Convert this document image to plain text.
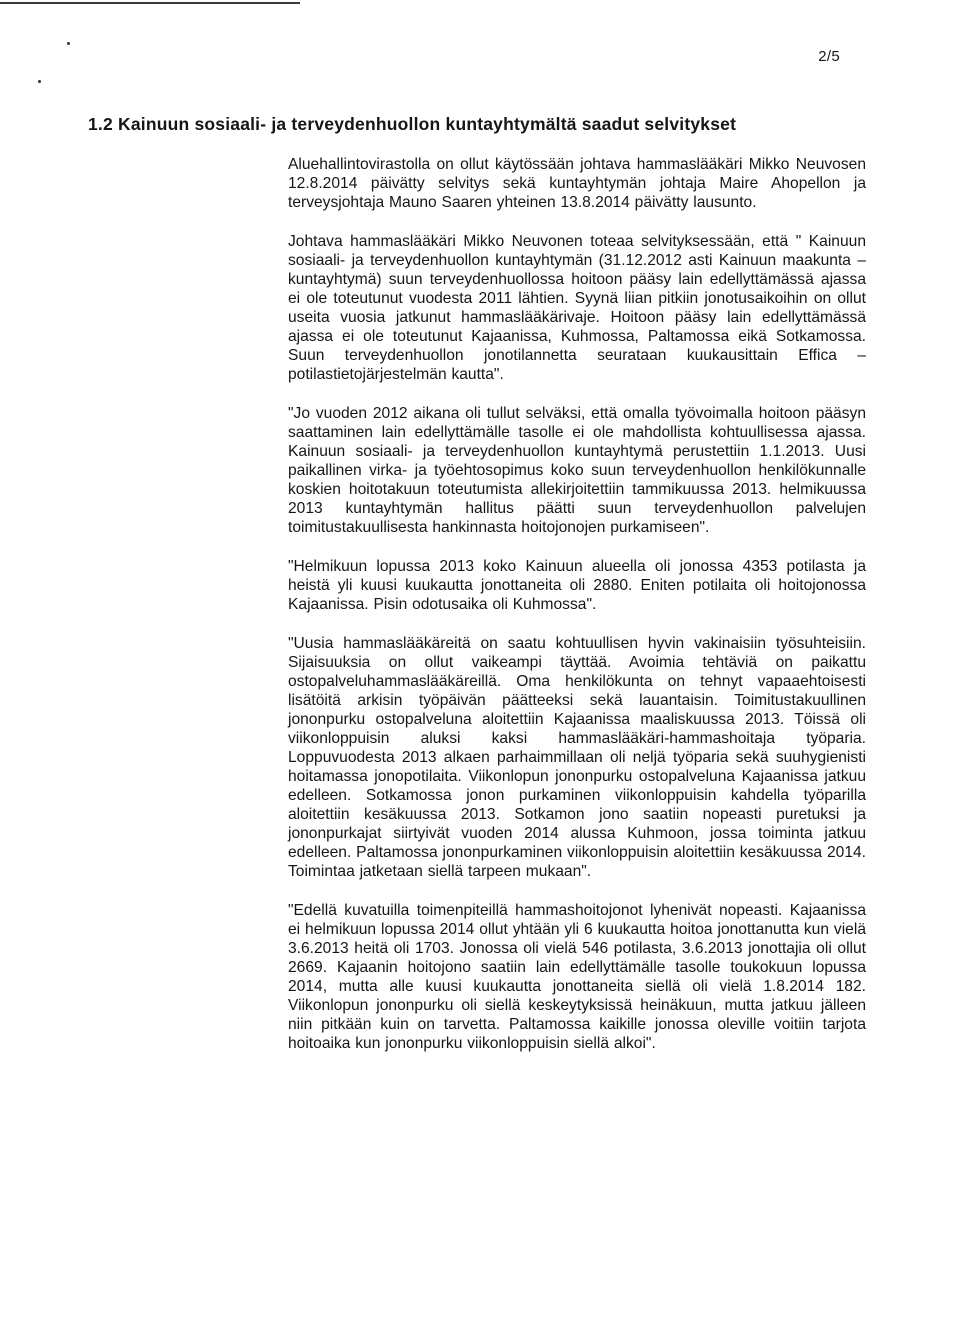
2/5
1.2 Kainuun sosiaali- ja terveydenhuollon kuntayhtymältä saadut selvitykset

Aluehallintovirastolla on ollut käytössään johtava hammaslääkäri Mikko Neuvosen 12.8.2014 päivätty selvitys sekä kuntayhtymän johtaja Maire Ahopellon ja terveysjohtaja Mauno Saaren yhteinen 13.8.2014 päivätty lausunto.

Johtava hammaslääkäri Mikko Neuvonen toteaa selvityksessään, että " Kainuun sosiaali- ja terveydenhuollon kuntayhtymän (31.12.2012 asti Kainuun maakunta –kuntayhtymä) suun terveydenhuollossa hoitoon pääsy lain edellyttämässä ajassa ei ole toteutunut vuodesta 2011 lähtien. Syynä liian pitkiin jonotusaikoihin on ollut useita vuosia jatkunut hammaslääkärivaje. Hoitoon pääsy lain edellyttämässä ajassa ei ole toteutunut Kajaanissa, Kuhmossa, Paltamossa eikä Sotkamossa. Suun terveydenhuollon jonotilannetta seurataan kuukausittain Effica – potilastietojärjestelmän kautta".

"Jo vuoden 2012 aikana oli tullut selväksi, että omalla työvoimalla hoitoon pääsyn saattaminen lain edellyttämälle tasolle ei ole mahdollista kohtuullisessa ajassa. Kainuun sosiaali- ja terveydenhuollon kuntayhtymä perustettiin 1.1.2013. Uusi paikallinen virka- ja työehtosopimus koko suun terveydenhuollon henkilökunnalle koskien hoitotakuun toteutumista allekirjoitettiin tammikuussa 2013. helmikuussa 2013 kuntayhtymän hallitus päätti suun terveydenhuollon palvelujen toimitustakuullisesta hankinnasta hoitojonojen purkamiseen".

"Helmikuun lopussa 2013 koko Kainuun alueella oli jonossa 4353 potilasta ja heistä yli kuusi kuukautta jonottaneita oli 2880. Eniten potilaita oli hoitojonossa Kajaanissa. Pisin odotusaika oli Kuhmossa".

"Uusia hammaslääkäreitä on saatu kohtuullisen hyvin vakinaisiin työsuhteisiin. Sijaisuuksia on ollut vaikeampi täyttää. Avoimia tehtäviä on paikattu ostopalveluhammaslääkäreillä. Oma henkilökunta on tehnyt vapaaehtoisesti lisätöitä arkisin työpäivän päätteeksi sekä lauantaisin. Toimitustakuullinen jononpurku ostopalveluna aloitettiin Kajaanissa maaliskuussa 2013. Töissä oli viikonloppuisin aluksi kaksi hammaslääkäri-hammashoitaja työparia. Loppuvuodesta 2013 alkaen parhaimmillaan oli neljä työparia sekä suuhygienisti hoitamassa jonopotilaita. Viikonlopun jononpurku ostopalveluna Kajaanissa jatkuu edelleen. Sotkamossa jonon purkaminen viikonloppuisin kahdella työparilla aloitettiin kesäkuussa 2013. Sotkamon jono saatiin nopeasti puretuksi ja jononpurkajat siirtyivät vuoden 2014 alussa Kuhmoon, jossa toiminta jatkuu edelleen. Paltamossa jononpurkaminen viikonloppuisin aloitettiin kesäkuussa 2014. Toimintaa jatketaan siellä tarpeen mukaan".

"Edellä kuvatuilla toimenpiteillä hammashoitojonot lyhenivät nopeasti. Kajaanissa ei helmikuun lopussa 2014 ollut yhtään yli 6 kuukautta hoitoa jonottanutta kun vielä 3.6.2013 heitä oli 1703. Jonossa oli vielä 546 potilasta, 3.6.2013 jonottajia oli ollut 2669. Kajaanin hoitojono saatiin lain edellyttämälle tasolle toukokuun lopussa 2014, mutta alle kuusi kuukautta jonottaneita siellä oli vielä 1.8.2014 182. Viikonlopun jononpurku oli siellä keskeytyksissä heinäkuun, mutta jatkuu jälleen niin pitkään kuin on tarvetta. Paltamossa kaikille jonossa oleville voitiin tarjota hoitoaika kun jononpurku viikonloppuisin siellä alkoi".
